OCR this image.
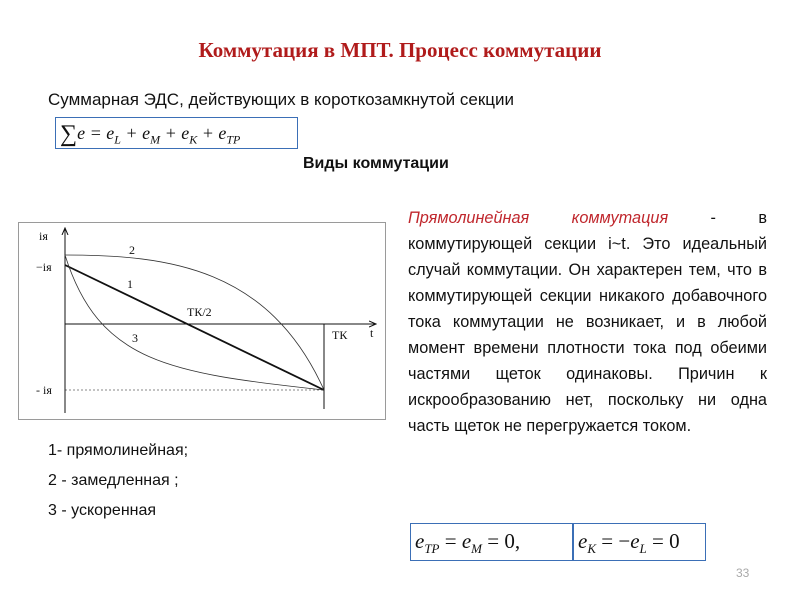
Коммутация в МПТ. Процесс коммутации
Суммарная ЭДС, действующих в короткозамкнутой секции
$\sum e = e_L + e_M + e_K + e_{TP}$
Виды коммутации
iя
−iя
- iя
2
1
3
TК/2
TК t
1- прямолинейная;
2 - замедленная ;
3 - ускоренная
Прямолинейная коммутация - в коммутирующей секции i~t. Это идеальный случай коммутации. Он характерен тем, что в коммутирующей секции никакого добавочного тока коммутации не возникает, и в любой момент времени плотности тока под обеими частями щеток одинаковы. Причин к искрообразованию нет, поскольку ни одна часть щеток не перегружается током.
$e_{TP} = e_M = 0$,	$e_K = -e_L = 0$
33
